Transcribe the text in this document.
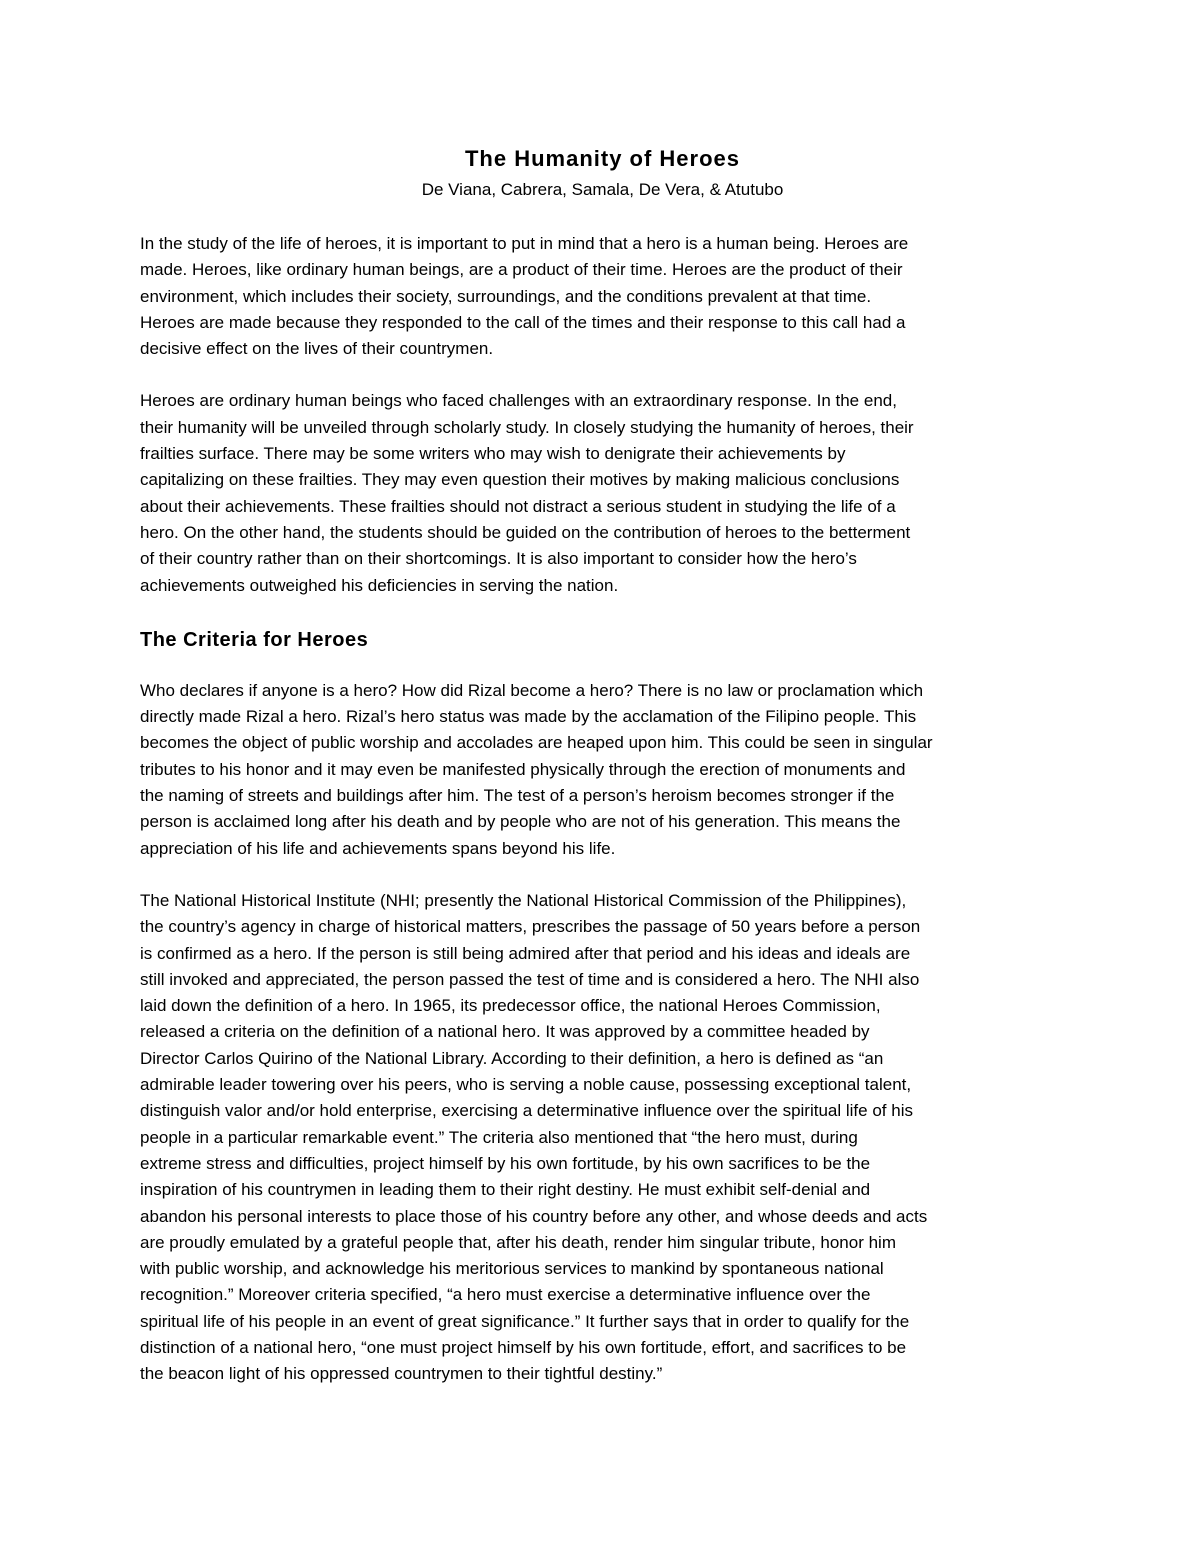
The Humanity of Heroes
De Viana, Cabrera, Samala, De Vera, & Atutubo

In the study of the life of heroes, it is important to put in mind that a hero is a human being. Heroes are

made. Heroes, like ordinary human beings, are a product of their time. Heroes are the product of their

environment, which includes their society, surroundings, and the conditions prevalent at that time.

Heroes are made because they responded to the call of the times and their response to this call had a

decisive effect on the lives of their countrymen.

Heroes are ordinary human beings who faced challenges with an extraordinary response. In the end,

their humanity will be unveiled through scholarly study. In closely studying the humanity of heroes, their

frailties surface. There may be some writers who may wish to denigrate their achievements by

capitalizing on these frailties. They may even question their motives by making malicious conclusions

about their achievements. These frailties should not distract a serious student in studying the life of a

hero. On the other hand, the students should be guided on the contribution of heroes to the betterment

of their country rather than on their shortcomings. It is also important to consider how the hero’s

achievements outweighed his deficiencies in serving the nation.

The Criteria for Heroes

Who declares if anyone is a hero? How did Rizal become a hero? There is no law or proclamation which

directly made Rizal a hero. Rizal’s hero status was made by the acclamation of the Filipino people. This

becomes the object of public worship and accolades are heaped upon him. This could be seen in singular

tributes to his honor and it may even be manifested physically through the erection of monuments and

the naming of streets and buildings after him. The test of a person’s heroism becomes stronger if the

person is acclaimed long after his death and by people who are not of his generation. This means the

appreciation of his life and achievements spans beyond his life.

The National Historical Institute (NHI; presently the National Historical Commission of the Philippines),

the country’s agency in charge of historical matters, prescribes the passage of 50 years before a person

is confirmed as a hero. If the person is still being admired after that period and his ideas and ideals are

still invoked and appreciated, the person passed the test of time and is considered a hero. The NHI also

laid down the definition of a hero. In 1965, its predecessor office, the national Heroes Commission,

released a criteria on the definition of a national hero. It was approved by a committee headed by

Director Carlos Quirino of the National Library. According to their definition, a hero is defined as “an

admirable leader towering over his peers, who is serving a noble cause, possessing exceptional talent,

distinguish valor and/or hold enterprise, exercising a determinative influence over the spiritual life of his

people in a particular remarkable event.” The criteria also mentioned that “the hero must, during

extreme stress and difficulties, project himself by his own fortitude, by his own sacrifices to be the

inspiration of his countrymen in leading them to their right destiny. He must exhibit self-denial and

abandon his personal interests to place those of his country before any other, and whose deeds and acts

are proudly emulated by a grateful people that, after his death, render him singular tribute, honor him

with public worship, and acknowledge his meritorious services to mankind by spontaneous national

recognition.” Moreover criteria specified, “a hero must exercise a determinative influence over the

spiritual life of his people in an event of great significance.” It further says that in order to qualify for the

distinction of a national hero, “one must project himself by his own fortitude, effort, and sacrifices to be

the beacon light of his oppressed countrymen to their tightful destiny.”
